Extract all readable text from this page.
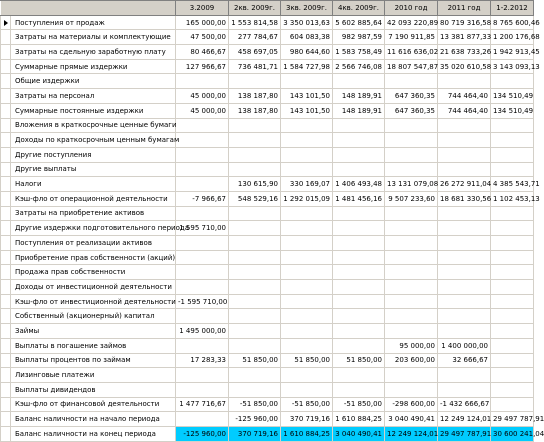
		3.2009	2кв. 2009г.	3кв. 2009г.	4кв. 2009г.	2010 год	2011 год	1-2.2012
	Поступления от продаж	165 000,00	1 553 814,58	3 350 013,63	5 602 885,64	42 093 220,89	80 719 316,58	8 765 600,46
	Затраты на материалы и комплектующие	47 500,00	277 784,67	604 083,38	982 987,59	7 190 911,85	13 381 877,33	1 200 176,68
	Затраты на сдельную заработную плату	80 466,67	458 697,05	980 644,60	1 583 758,49	11 616 636,02	21 638 733,26	1 942 913,45
	Суммарные прямые издержки	127 966,67	736 481,71	1 584 727,98	2 566 746,08	18 807 547,87	35 020 610,58	3 143 093,13
	Общие издержки							
	Затраты на персонал	45 000,00	138 187,80	143 101,50	148 189,91	647 360,35	744 464,40	134 510,49
	Суммарные постоянные издержки	45 000,00	138 187,80	143 101,50	148 189,91	647 360,35	744 464,40	134 510,49
	Вложения в краткосрочные ценные бумаги							
	Доходы по краткосрочным ценным бумагам							
	Другие поступления							
	Другие выплаты							
	Налоги		130 615,90	330 169,07	1 406 493,48	13 131 079,08	26 272 911,04	4 385 543,71
	Кэш-фло от операционной деятельности	-7 966,67	548 529,16	1 292 015,09	1 481 456,16	9 507 233,60	18 681 330,56	1 102 453,13
	Затраты на приобретение активов							
	Другие издержки подготовительного периода	1 595 710,00						
	Поступления от реализации активов							
	Приобретение прав собственности (акций)							
	Продажа прав собственности							
	Доходы от инвестиционной деятельности							
	Кэш-фло от инвестиционной деятельности	-1 595 710,00						
	Собственный (акционерный) капитал							
	Займы	1 495 000,00						
	Выплаты в погашение займов					95 000,00	1 400 000,00	
	Выплаты процентов по займам	17 283,33	51 850,00	51 850,00	51 850,00	203 600,00	32 666,67	
	Лизинговые платежи							
	Выплаты дивидендов							
	Кэш-фло от финансовой деятельности	1 477 716,67	-51 850,00	-51 850,00	-51 850,00	-298 600,00	-1 432 666,67	
	Баланс наличности на начало периода		-125 960,00	370 719,16	1 610 884,25	3 040 490,41	12 249 124,01	29 497 787,91
	Баланс наличности на конец периода	-125 960,00	370 719,16	1 610 884,25	3 040 490,41	12 249 124,01	29 497 787,91	30 600 241,04
